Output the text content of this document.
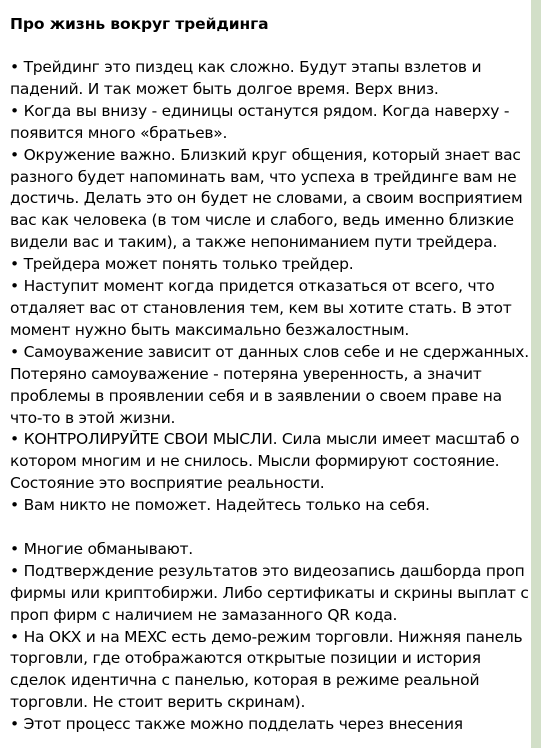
Про жизнь вокруг трейдинга
• Трейдинг это пиздец как сложно. Будут этапы взлетов и
падений. И так может быть долгое время. Верх вниз.
• Когда вы внизу - единицы останутся рядом. Когда наверху -
появится много «братьев».
• Окружение важно. Близкий круг общения, который знает вас
разного будет напоминать вам, что успеха в трейдинге вам не
достичь. Делать это он будет не словами, а своим восприятием
вас как человека (в том числе и слабого, ведь именно близкие
видели вас и таким), а также непониманием пути трейдера.
• Трейдера может понять только трейдер.
• Наступит момент когда придется отказаться от всего, что
отдаляет вас от становления тем, кем вы хотите стать. В этот
момент нужно быть максимально безжалостным.
• Самоуважение зависит от данных слов себе и не сдержанных.
Потеряно самоуважение - потеряна уверенность, а значит
проблемы в проявлении себя и в заявлении о своем праве на
что-то в этой жизни.
• КОНТРОЛИРУЙТЕ СВОИ МЫСЛИ. Сила мысли имеет масштаб о
котором многим и не снилось. Мысли формируют состояние.
Состояние это восприятие реальности.
• Вам никто не поможет. Надейтесь только на себя.
• Многие обманывают.
• Подтверждение результатов это видеозапись дашборда проп
фирмы или криптобиржи. Либо сертификаты и скрины выплат с
проп фирм с наличием не замазанного QR кода.
• На OKX и на MEXC есть демо-режим торговли. Нижняя панель
торговли, где отображаются открытые позиции и история
сделок идентична с панелью, которая в режиме реальной
торговли. Не стоит верить скринам).
• Этот процесс также можно подделать через внесения
